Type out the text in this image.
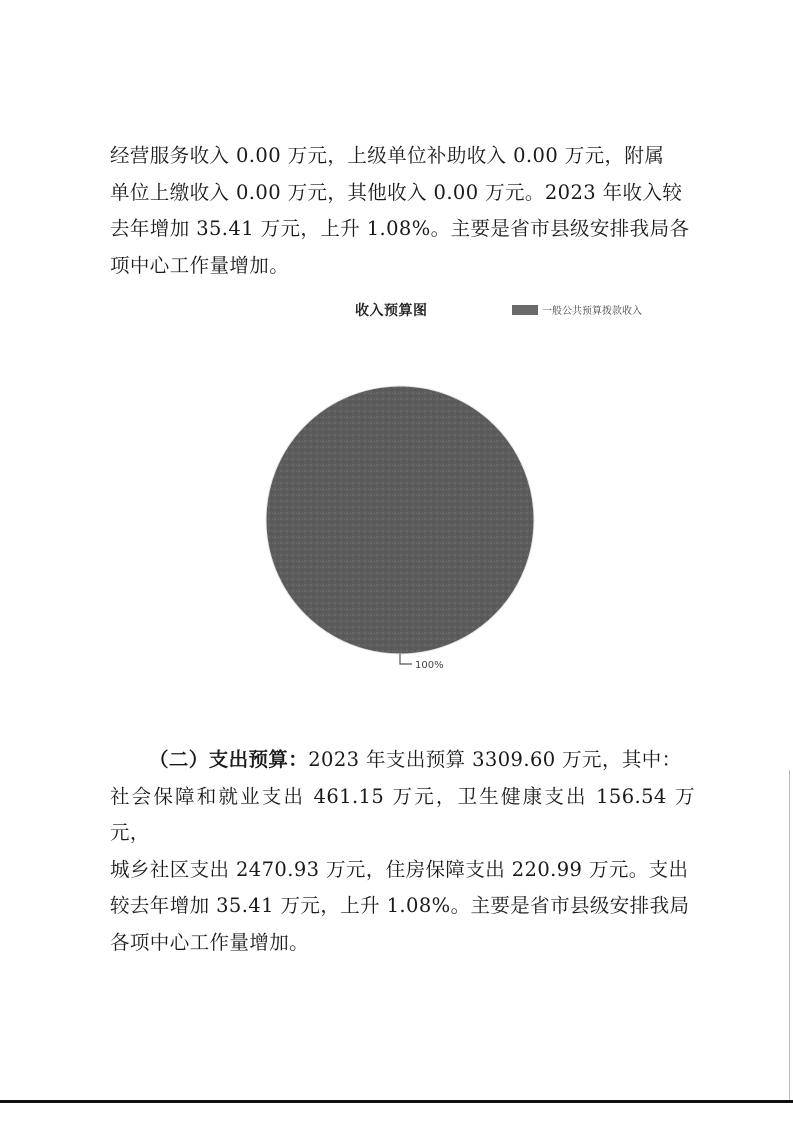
经营服务收入 0.00 万元，上级单位补助收入 0.00 万元，附属

单位上缴收入 0.00 万元，其他收入 0.00 万元。2023 年收入较

去年增加 35.41 万元，上升 1.08%。主要是省市县级安排我局各

项中心工作量增加。

收入预算图	一般公共预算拨款收入
100%

（二）支出预算：2023 年支出预算 3309.60 万元，其中：

社会保障和就业支出 461.15 万元，卫生健康支出 156.54 万元，

城乡社区支出 2470.93 万元，住房保障支出 220.99 万元。支出

较去年增加 35.41 万元，上升 1.08%。主要是省市县级安排我局

各项中心工作量增加。
